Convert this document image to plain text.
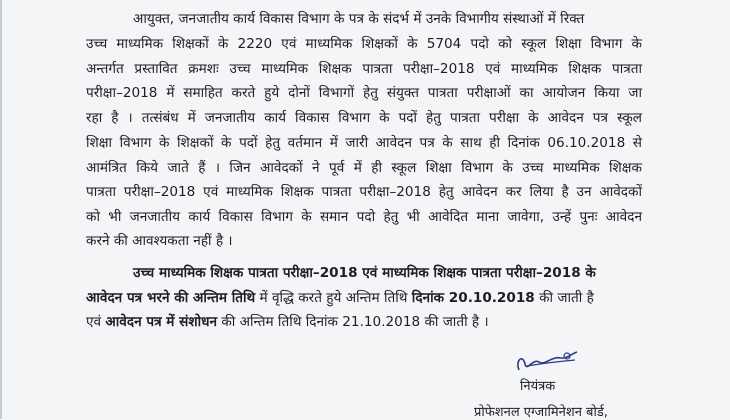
आयुक्त, जनजातीय कार्य विकास विभाग के पत्र के संदर्भ में उनके विभागीय संस्थाओं में रिक्त
उच्च माध्यमिक शिक्षकों के 2220 एवं माध्यमिक शिक्षकों के 5704 पदो को स्कूल शिक्षा विभाग के
अन्तर्गत प्रस्तावित क्रमशः उच्च माध्यमिक शिक्षक पात्रता परीक्षा–2018 एवं माध्यमिक शिक्षक पात्रता
परीक्षा–2018 में समाहित करते हुये दोनों विभागों हेतु संयुक्त पात्रता परीक्षाओं का आयोजन किया जा
रहा है । तत्संबंध में जनजातीय कार्य विकास विभाग के पदों हेतु पात्रता परीक्षा के आवेदन पत्र स्कूल
शिक्षा विभाग के शिक्षकों के पदों हेतु वर्तमान में जारी आवेदन पत्र के साथ ही दिनांक 06.10.2018 से
आमंत्रित किये जाते हैं । जिन आवेदकों ने पूर्व में ही स्कूल शिक्षा विभाग के उच्च माध्यमिक शिक्षक
पात्रता परीक्षा–2018 एवं माध्यमिक शिक्षक पात्रता परीक्षा–2018 हेतु आवेदन कर लिया है उन आवेदकों
को भी जनजातीय कार्य विकास विभाग के समान पदो हेतु भी आवेदित माना जावेगा, उन्हें पुनः आवेदन
करने की आवश्यकता नहीं है ।
उच्च माध्यमिक शिक्षक पात्रता परीक्षा–2018 एवं माध्यमिक शिक्षक पात्रता परीक्षा–2018 के
आवेदन पत्र भरने की अन्तिम तिथि में वृद्धि करते हुये अन्तिम तिथि दिनांक 20.10.2018 की जाती है
एवं आवेदन पत्र में संशोधन की अन्तिम तिथि दिनांक 21.10.2018 की जाती है ।
नियंत्रक
प्रोफेशनल एग्जामिनेशन बोर्ड,
